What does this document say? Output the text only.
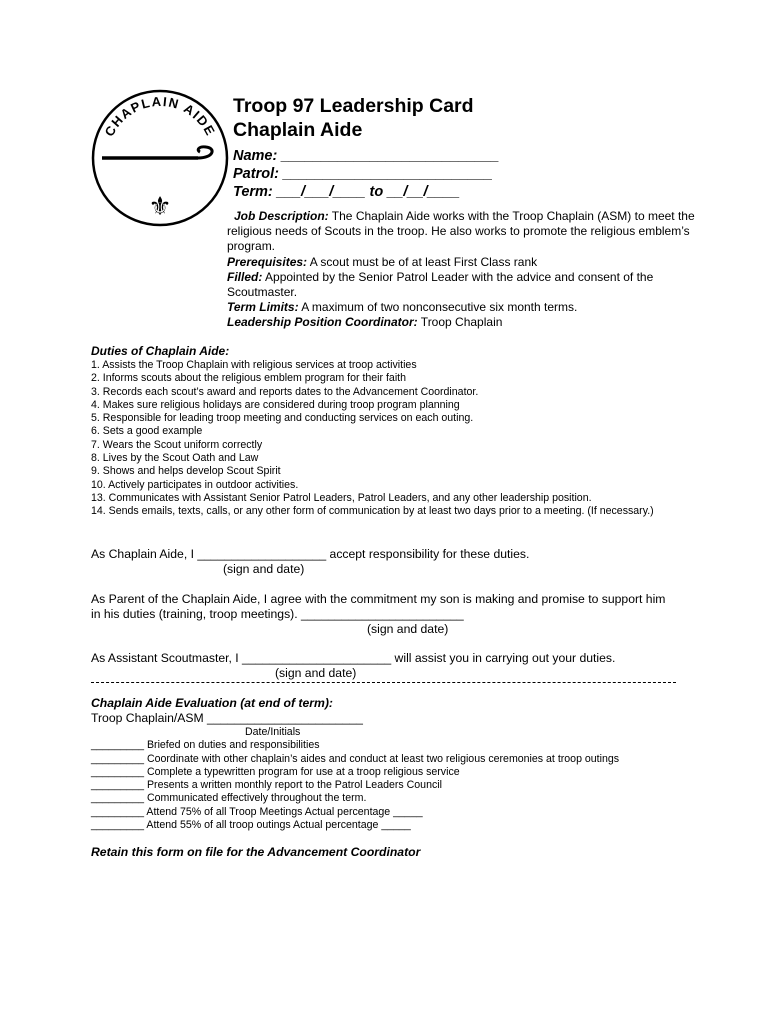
CHAPLAIN AIDE
⚜
Troop 97 Leadership Card
Chaplain Aide
Name: ___________________________
Patrol: __________________________
Term: ___/___/____ to __/__/____

Job Description: The Chaplain Aide works with the Troop Chaplain (ASM) to meet the religious needs of Scouts in the troop. He also works to promote the religious emblem’s program.

Prerequisites: A scout must be of at least First Class rank

Filled: Appointed by the Senior Patrol Leader with the advice and consent of the Scoutmaster.

Term Limits: A maximum of two nonconsecutive six month terms.

Leadership Position Coordinator: Troop Chaplain

Duties of Chaplain Aide:
1. Assists the Troop Chaplain with religious services at troop activities
2. Informs scouts about the religious emblem program for their faith
3. Records each scout’s award and reports dates to the Advancement Coordinator.
4. Makes sure religious holidays are considered during troop program planning
5. Responsible for leading troop meeting and conducting services on each outing.
6. Sets a good example
7. Wears the Scout uniform correctly
8. Lives by the Scout Oath and Law
9. Shows and helps develop Scout Spirit
10. Actively participates in outdoor activities.
13. Communicates with Assistant Senior Patrol Leaders, Patrol Leaders, and any other leadership position.
14. Sends emails, texts, calls, or any other form of communication by at least two days prior to a meeting. (If necessary.)
As Chaplain Aide, I ___________________ accept responsibility for these duties.
(sign and date)
As Parent of the Chaplain Aide, I agree with the commitment my son is making and promise to support him in his duties (training, troop meetings). ________________________
(sign and date)
As Assistant Scoutmaster, I ______________________ will assist you in carrying out your duties.
(sign and date)
Chaplain Aide Evaluation (at end of term):
Troop Chaplain/ASM _______________________
Date/Initials
_________ Briefed on duties and responsibilities
_________ Coordinate with other chaplain’s aides and conduct at least two religious ceremonies at troop outings
_________ Complete a typewritten program for use at a troop religious service
_________ Presents a written monthly report to the Patrol Leaders Council
_________ Communicated effectively throughout the term.
_________ Attend 75% of all Troop Meetings Actual percentage _____
_________ Attend 55% of all troop outings Actual percentage _____
Retain this form on file for the Advancement Coordinator
